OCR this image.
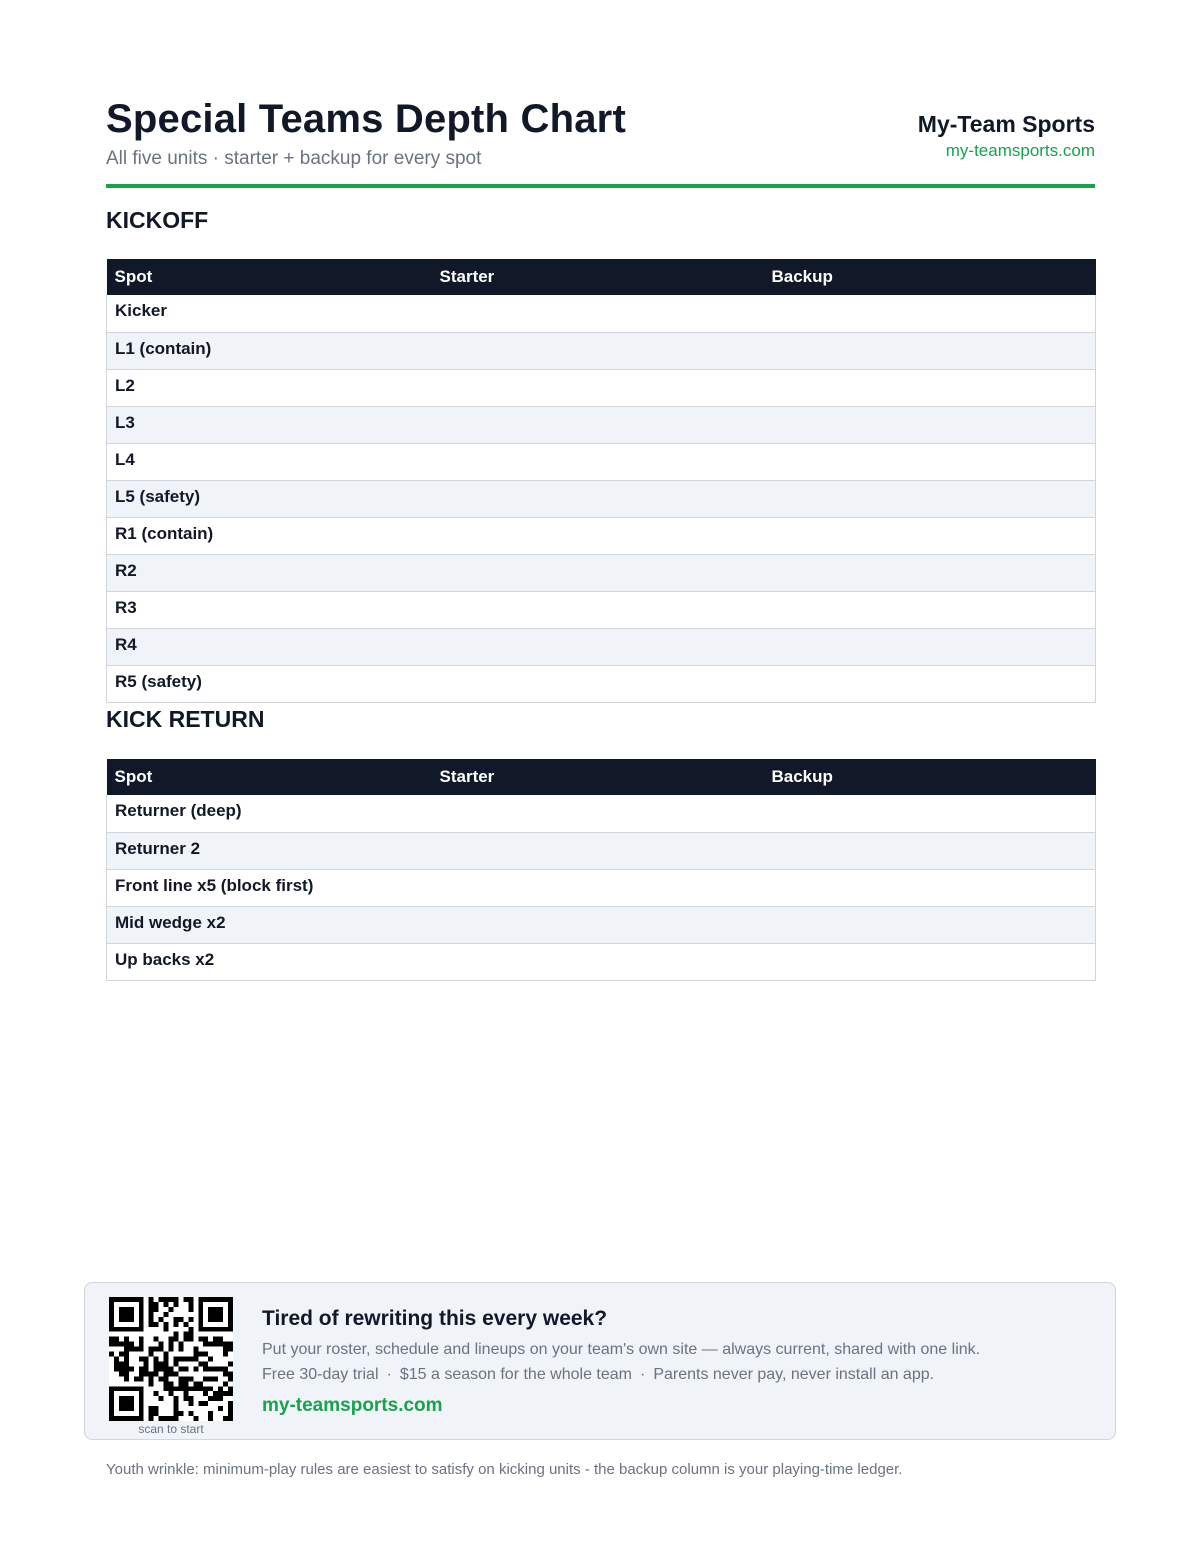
Special Teams Depth Chart
All five units · starter + backup for every spot
My-Team Sports
my-teamsports.com
KICKOFF
Spot	Starter	Backup
Kicker		
L1 (contain)		
L2		
L3		
L4		
L5 (safety)		
R1 (contain)		
R2		
R3		
R4		
R5 (safety)		
KICK RETURN
Spot	Starter	Backup
Returner (deep)		
Returner 2		
Front line x5 (block first)		
Mid wedge x2		
Up backs x2		
scan to start
Tired of rewriting this every week?
Put your roster, schedule and lineups on your team's own site — always current, shared with one link.
Free 30-day trial · $15 a season for the whole team · Parents never pay, never install an app.
my-teamsports.com
Youth wrinkle: minimum-play rules are easiest to satisfy on kicking units - the backup column is your playing-time ledger.
